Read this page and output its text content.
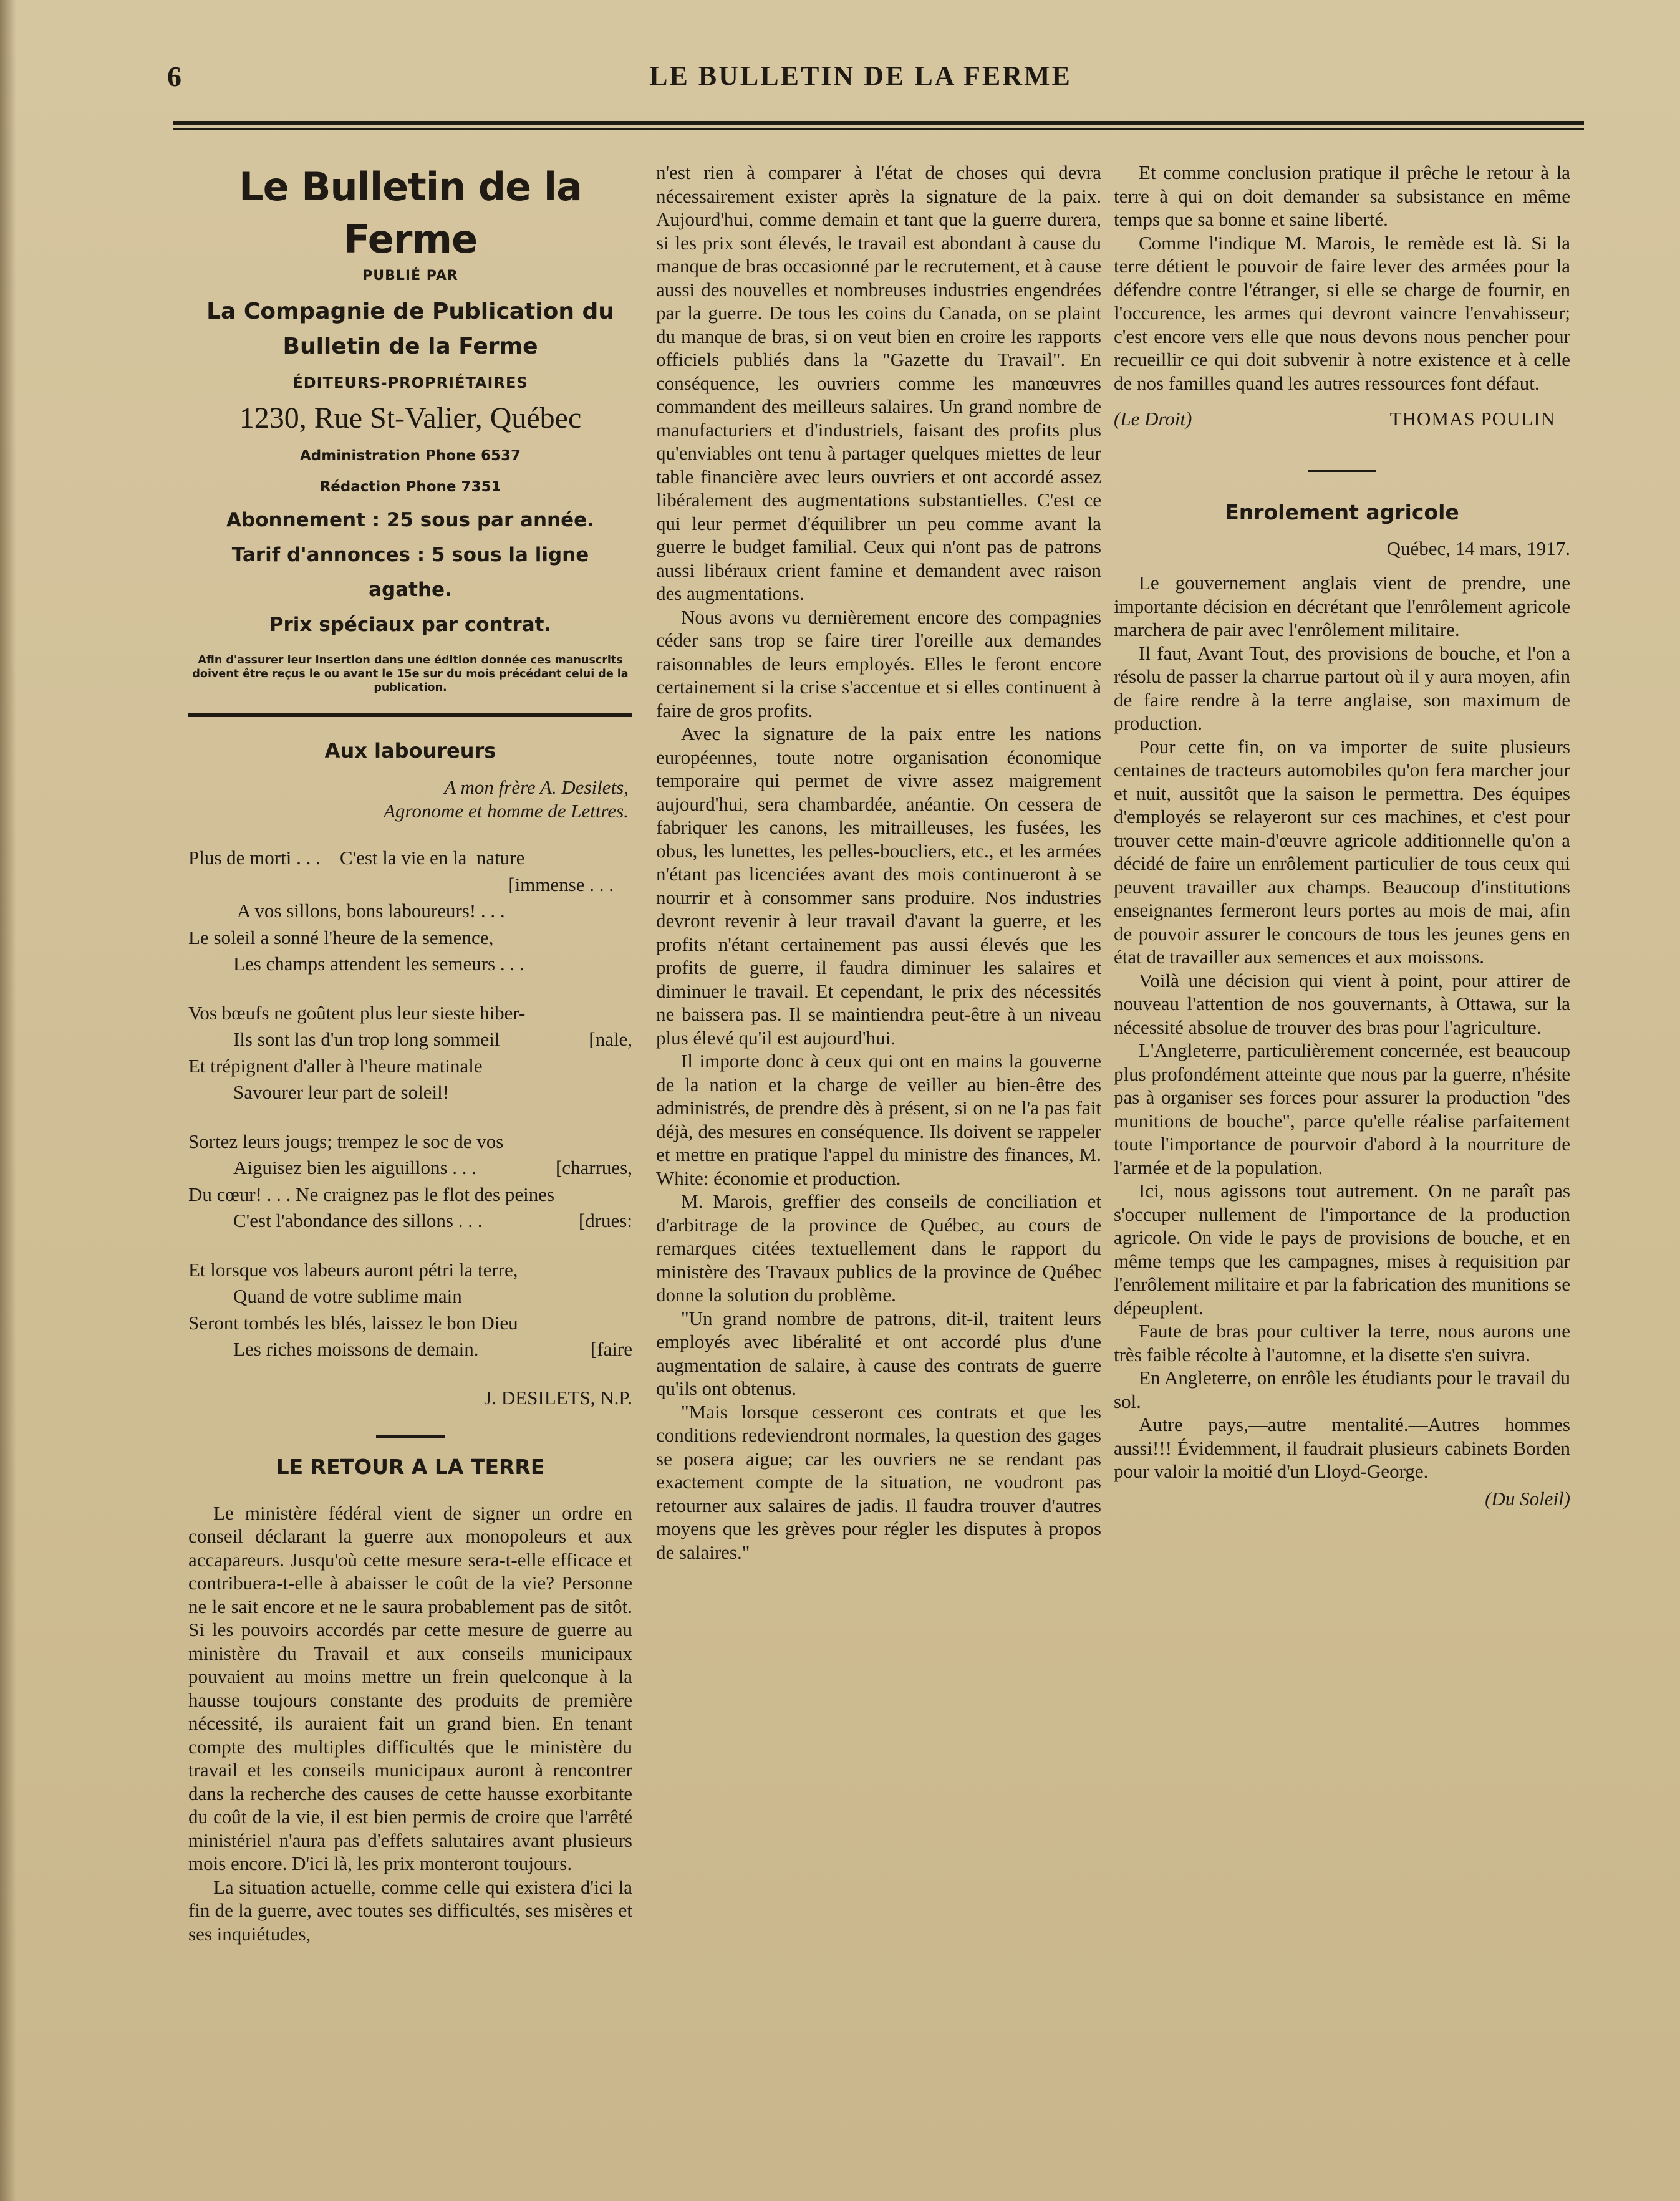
6	LE BULLETIN DE LA FERME
Le Bulletin de la Ferme
PUBLIÉ PAR
La Compagnie de Publication du
Bulletin de la Ferme
ÉDITEURS-PROPRIÉTAIRES
1230, Rue St-Valier, Québec
Administration Phone 6537
Rédaction Phone 7351
Abonnement : 25 sous par année.
Tarif d'annonces : 5 sous la ligne agathe.
Prix spéciaux par contrat.
Afin d'assurer leur insertion dans une édition donnée ces manuscrits doivent être reçus le ou avant le 15e sur du mois précédant celui de la publication.
Aux laboureurs
A mon frère A. Desilets,
Agronome et homme de Lettres.
Plus de morti . . .    C'est la vie en la  nature
[immense . . .
A vos sillons, bons laboureurs! . . .
Le soleil a sonné l'heure de la semence,
Les champs attendent les semeurs . . .
Vos bœufs ne goûtent plus leur sieste hiber-
Ils sont las d'un trop long sommeil	[nale,
Et trépignent d'aller à l'heure matinale
Savourer leur part de soleil!
Sortez leurs jougs; trempez le soc de vos
Aiguisez bien les aiguillons . . .	[charrues,
Du cœur! . . . Ne craignez pas le flot des peines
C'est l'abondance des sillons . . .	[drues:
Et lorsque vos labeurs auront pétri la terre,
Quand de votre sublime main
Seront tombés les blés, laissez le bon Dieu
Les riches moissons de demain.	[faire
J. DESILETS, N.P.
LE RETOUR A LA TERRE

Le ministère fédéral vient de signer un ordre en conseil déclarant la guerre aux monopoleurs et aux accapareurs. Jusqu'où cette mesure sera-t-elle efficace et contribuera-t-elle à abaisser le coût de la vie? Personne ne le sait encore et ne le saura probablement pas de sitôt. Si les pouvoirs accordés par cette mesure de guerre au ministère du Travail et aux conseils municipaux pouvaient au moins mettre un frein quelconque à la hausse toujours constante des produits de première nécessité, ils auraient fait un grand bien. En tenant compte des multiples difficultés que le ministère du travail et les conseils municipaux auront à rencontrer dans la recherche des causes de cette hausse exorbitante du coût de la vie, il est bien permis de croire que l'arrêté ministériel n'aura pas d'effets salutaires avant plusieurs mois encore. D'ici là, les prix monteront toujours.

La situation actuelle, comme celle qui existera d'ici la fin de la guerre, avec toutes ses difficultés, ses misères et ses inquiétudes,

n'est rien à comparer à l'état de choses qui devra nécessairement exister après la signature de la paix. Aujourd'hui, comme demain et tant que la guerre durera, si les prix sont élevés, le travail est abondant à cause du manque de bras occasionné par le recrutement, et à cause aussi des nouvelles et nombreuses industries engendrées par la guerre. De tous les coins du Canada, on se plaint du manque de bras, si on veut bien en croire les rapports officiels publiés dans la "Gazette du Travail". En conséquence, les ouvriers comme les manœuvres commandent des meilleurs salaires. Un grand nombre de manufacturiers et d'industriels, faisant des profits plus qu'enviables ont tenu à partager quelques miettes de leur table financière avec leurs ouvriers et ont accordé assez libéralement des augmentations substantielles. C'est ce qui leur permet d'équilibrer un peu comme avant la guerre le budget familial. Ceux qui n'ont pas de patrons aussi libéraux crient famine et demandent avec raison des augmentations.

Nous avons vu dernièrement encore des compagnies céder sans trop se faire tirer l'oreille aux demandes raisonnables de leurs employés. Elles le feront encore certainement si la crise s'accentue et si elles continuent à faire de gros profits.

Avec la signature de la paix entre les nations européennes, toute notre organisation économique temporaire qui permet de vivre assez maigrement aujourd'hui, sera chambardée, anéantie. On cessera de fabriquer les canons, les mitrailleuses, les fusées, les obus, les lunettes, les pelles-boucliers, etc., et les armées n'étant pas licenciées avant des mois continueront à se nourrir et à consommer sans produire. Nos industries devront revenir à leur travail d'avant la guerre, et les profits n'étant certainement pas aussi élevés que les profits de guerre, il faudra diminuer les salaires et diminuer le travail. Et cependant, le prix des nécessités ne baissera pas. Il se maintiendra peut-être à un niveau plus élevé qu'il est aujourd'hui.

Il importe donc à ceux qui ont en mains la gouverne de la nation et la charge de veiller au bien-être des administrés, de prendre dès à présent, si on ne l'a pas fait déjà, des mesures en conséquence. Ils doivent se rappeler et mettre en pratique l'appel du ministre des finances, M. White: économie et production.

M. Marois, greffier des conseils de conciliation et d'arbitrage de la province de Québec, au cours de remarques citées textuellement dans le rapport du ministère des Travaux publics de la province de Québec donne la solution du problème.

"Un grand nombre de patrons, dit-il, traitent leurs employés avec libéralité et ont accordé plus d'une augmentation de salaire, à cause des contrats de guerre qu'ils ont obtenus.

"Mais lorsque cesseront ces contrats et que les conditions redeviendront normales, la question des gages se posera aigue; car les ouvriers ne se rendant pas exactement compte de la situation, ne voudront pas retourner aux salaires de jadis. Il faudra trouver d'autres moyens que les grèves pour régler les disputes à propos de salaires."

Et comme conclusion pratique il prêche le retour à la terre à qui on doit demander sa subsistance en même temps que sa bonne et saine liberté.

Comme l'indique M. Marois, le remède est là. Si la terre détient le pouvoir de faire lever des armées pour la défendre contre l'étranger, si elle se charge de fournir, en l'occurence, les armes qui devront vaincre l'envahisseur; c'est encore vers elle que nous devons nous pencher pour recueillir ce qui doit subvenir à notre existence et à celle de nos familles quand les autres ressources font défaut.

(Le Droit)	THOMAS POULIN
Enrolement agricole
Québec, 14 mars, 1917.

Le gouvernement anglais vient de prendre, une importante décision en décrétant que l'enrôlement agricole marchera de pair avec l'enrôlement militaire.

Il faut, Avant Tout, des provisions de bouche, et l'on a résolu de passer la charrue partout où il y aura moyen, afin de faire rendre à la terre anglaise, son maximum de production.

Pour cette fin, on va importer de suite plusieurs centaines de tracteurs automobiles qu'on fera marcher jour et nuit, aussitôt que la saison le permettra. Des équipes d'employés se relayeront sur ces machines, et c'est pour trouver cette main-d'œuvre agricole additionnelle qu'on a décidé de faire un enrôlement particulier de tous ceux qui peuvent travailler aux champs. Beaucoup d'institutions enseignantes fermeront leurs portes au mois de mai, afin de pouvoir assurer le concours de tous les jeunes gens en état de travailler aux semences et aux moissons.

Voilà une décision qui vient à point, pour attirer de nouveau l'attention de nos gouvernants, à Ottawa, sur la nécessité absolue de trouver des bras pour l'agriculture.

L'Angleterre, particulièrement concernée, est beaucoup plus profondément atteinte que nous par la guerre, n'hésite pas à organiser ses forces pour assurer la production "des munitions de bouche", parce qu'elle réalise parfaitement toute l'importance de pourvoir d'abord à la nourriture de l'armée et de la population.

Ici, nous agissons tout autrement. On ne paraît pas s'occuper nullement de l'importance de la production agricole. On vide le pays de provisions de bouche, et en même temps que les campagnes, mises à requisition par l'enrôlement militaire et par la fabrication des munitions se dépeuplent.

Faute de bras pour cultiver la terre, nous aurons une très faible récolte à l'automne, et la disette s'en suivra.

En Angleterre, on enrôle les étudiants pour le travail du sol.

Autre pays,—autre mentalité.—Autres hommes aussi!!! Évidemment, il faudrait plusieurs cabinets Borden pour valoir la moitié d'un Lloyd-George.

(Du Soleil)
